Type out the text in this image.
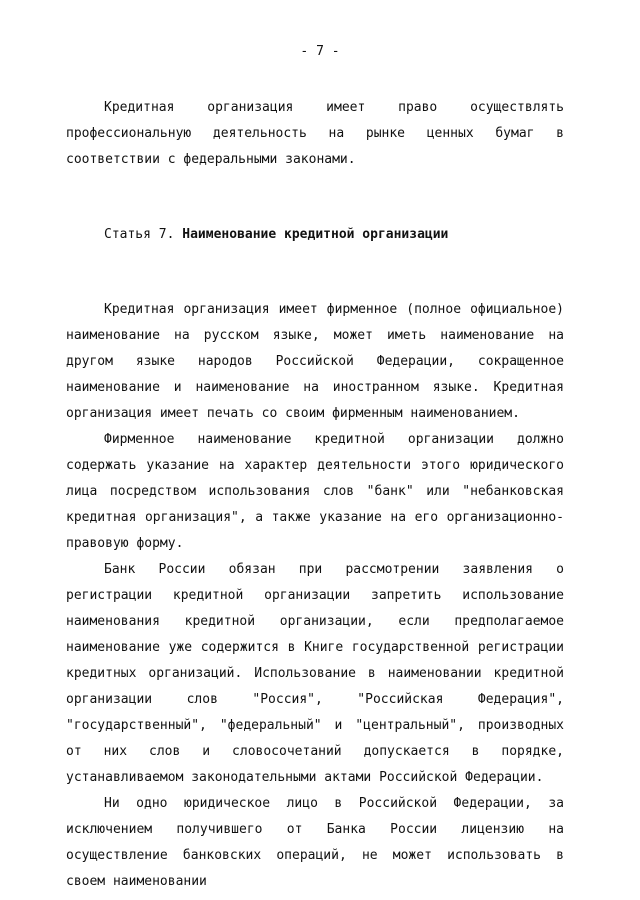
- 7 -

Кредитная организация имеет право осуществлять профессиональную деятельность на рынке ценных бумаг в соответствии с федеральными законами.

Статья 7. Наименование кредитной организации

Кредитная организация имеет фирменное (полное официальное) наименование на русском языке, может иметь наименование на другом языке народов Российской Федерации, сокращенное наименование и наименование на иностранном языке. Кредитная организация имеет печать со своим фирменным наименованием.

Фирменное наименование кредитной организации должно содержать указание на характер деятельности этого юридического лица посредством использования слов "банк" или "небанковская кредитная организация", а также указание на его организационно-правовую форму.

Банк России обязан при рассмотрении заявления о регистрации кредитной организации запретить использование наименования кредитной организации, если предполагаемое наименование уже содержится в Книге государственной регистрации кредитных организаций. Использование в наименовании кредитной организации слов "Россия", "Российская Федерация", "государственный", "федеральный" и "центральный", производных от них слов и словосочетаний допускается в порядке, устанавливаемом законодательными актами Российской Федерации.

Ни одно юридическое лицо в Российской Федерации, за исключением получившего от Банка России лицензию на осуществление банковских операций, не может использовать в своем наименовании
